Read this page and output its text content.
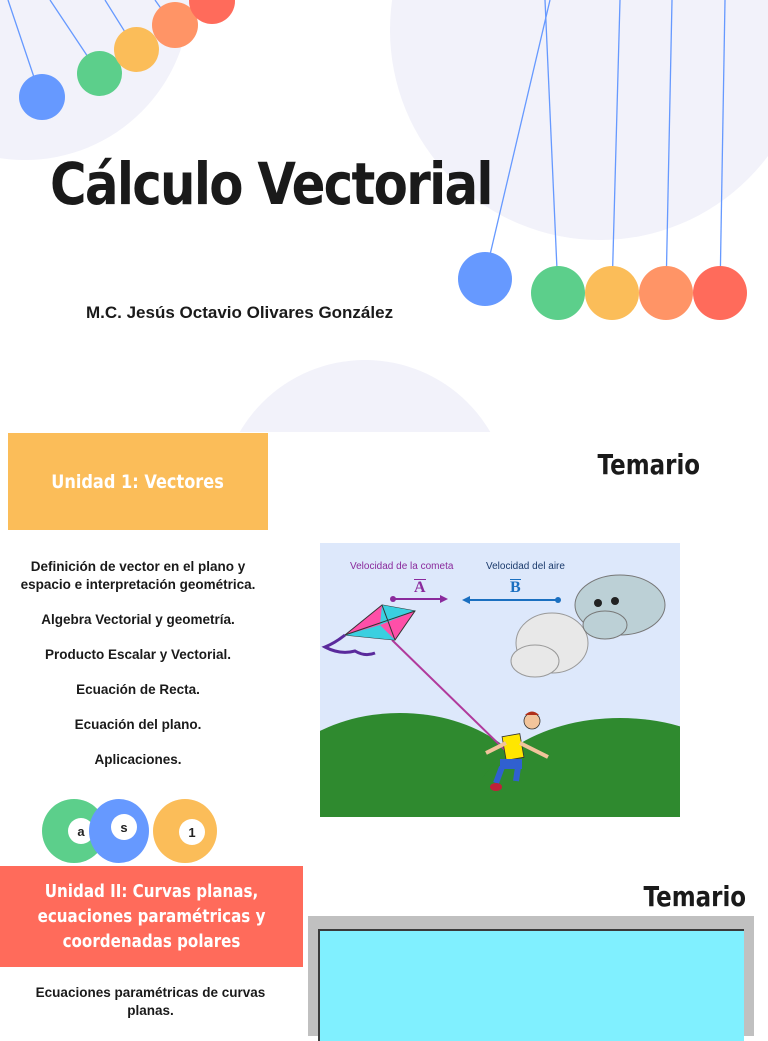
Cálculo Vectorial
M.C. Jesús Octavio Olivares González
Unidad 1: Vectores
Temario

Definición de vector en el plano y espacio e interpretación geométrica.

Algebra Vectorial y geometría.

Producto Escalar y Vectorial.

Ecuación de Recta.

Ecuación del plano.

Aplicaciones.

Velocidad de la cometa	Velocidad del aire
A	B
a	s	1
Unidad II: Curvas planas, ecuaciones paramétricas y coordenadas polares
Temario
Ecuaciones paramétricas de curvas planas.
